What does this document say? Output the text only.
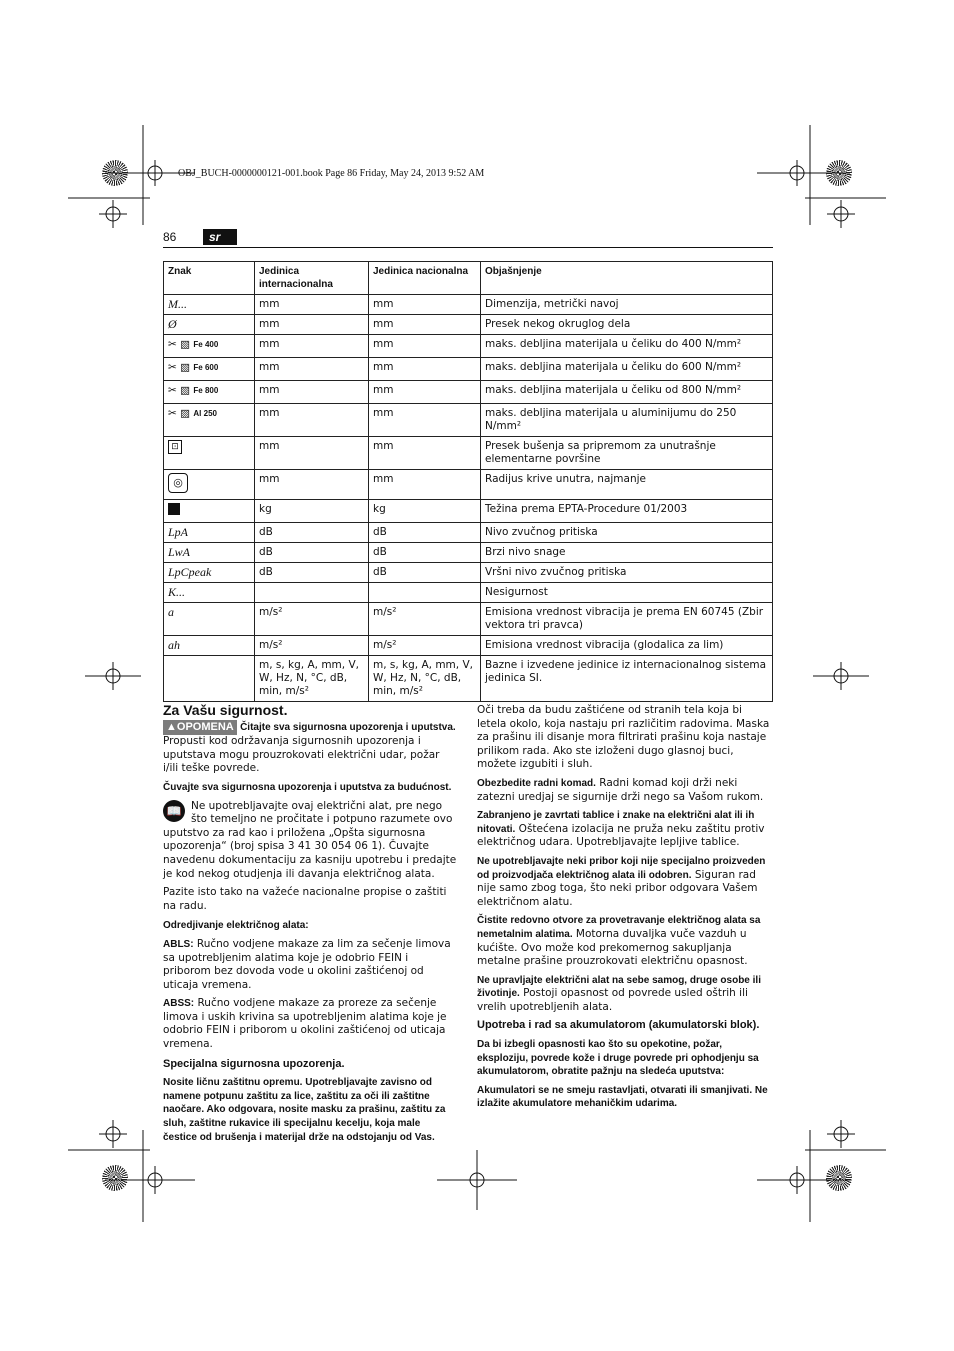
OBJ_BUCH-0000000121-001.book Page 86 Friday, May 24, 2013 9:52 AM
86	sr
Znak	Jedinica internacionalna	Jedinica nacionalna	Objašnjenje
M...	mm	mm	Dimenzija, metrički navoj
Ø	mm	mm	Presek nekog okruglog dela
✂ ▧ Fe 400	mm	mm	maks. debljina materijala u čeliku do 400 N/mm²
✂ ▧ Fe 600	mm	mm	maks. debljina materijala u čeliku do 600 N/mm²
✂ ▧ Fe 800	mm	mm	maks. debljina materijala u čeliku od 800 N/mm²
✂ ▨ Al 250	mm	mm	maks. debljina materijala u aluminijumu do 250 N/mm²
⊡	mm	mm	Presek bušenja sa pripremom za unutrašnje elementarne površine
◎	mm	mm	Radijus krive unutra, najmanje
	kg	kg	Težina prema EPTA-Procedure 01/2003
LpA	dB	dB	Nivo zvučnog pritiska
LwA	dB	dB	Brzi nivo snage
LpCpeak	dB	dB	Vršni nivo zvučnog pritiska
K...			Nesigurnost
a	m/s²	m/s²	Emisiona vrednost vibracija je prema EN 60745 (Zbir vektora tri pravca)
ah	m/s²	m/s²	Emisiona vrednost vibracija (glodalica za lim)
	m, s, kg, A, mm, V, W, Hz, N, °C, dB, min, m/s²	m, s, kg, A, mm, V, W, Hz, N, °C, dB, min, m/s²	Bazne i izvedene jedinice iz internacionalnog sistema jedinica SI.
Za Vašu sigurnost.

▲OPOMENA Čitajte sva sigurnosna upozorenja i uputstva. Propusti kod održavanja sigurnosnih upozorenja i uputstava mogu prouzrokovati električni udar, požar i/ili teške povrede.

Čuvajte sva sigurnosna upozorenja i uputstva za budućnost.

📖 Ne upotrebljavajte ovaj električni alat, pre nego što temeljno ne pročitate i potpuno razumete ovo uputstvo za rad kao i priložena „Opšta sigurnosna upozorenja“ (broj spisa 3 41 30 054 06 1). Čuvajte navedenu dokumentaciju za kasniju upotrebu i predajte je kod nekog otudjenja ili davanja električnog alata.

Pazite isto tako na važeće nacionalne propise o zaštiti na radu.

Odredjivanje električnog alata:

ABLS: Ručno vodjene makaze za lim za sečenje limova sa upotrebljenim alatima koje je odobrio FEIN i priborom bez dovoda vode u okolini zaštićenoj od uticaja vremena.

ABSS: Ručno vodjene makaze za proreze za sečenje limova i uskih krivina sa upotrebljenim alatima koje je odobrio FEIN i priborom u okolini zaštićenoj od uticaja vremena.

Specijalna sigurnosna upozorenja.

Nosite ličnu zaštitnu opremu. Upotrebljavajte zavisno od namene potpunu zaštitu za lice, zaštitu za oči ili zaštitne naočare. Ako odgovara, nosite masku za prašinu, zaštitu za sluh, zaštitne rukavice ili specijalnu kecelju, koja male čestice od brušenja i materijal drže na odstojanju od Vas.

Oči treba da budu zaštićene od stranih tela koja bi letela okolo, koja nastaju pri različitim radovima. Maska za prašinu ili disanje mora filtrirati prašinu koja nastaje prilikom rada. Ako ste izloženi dugo glasnoj buci, možete izgubiti i sluh.

Obezbedite radni komad. Radni komad koji drži neki zatezni uredjaj se sigurnije drži nego sa Vašom rukom.

Zabranjeno je zavrtati tablice i znake na električni alat ili ih nitovati. Oštećena izolacija ne pruža neku zaštitu protiv električnog udara. Upotrebljavajte lepljive tablice.

Ne upotrebljavajte neki pribor koji nije specijalno proizveden od proizvodjača električnog alata ili odobren. Siguran rad nije samo zbog toga, što neki pribor odgovara Vašem električnom alatu.

Čistite redovno otvore za provetravanje električnog alata sa nemetalnim alatima. Motorna duvaljka vuče vazduh u kućište. Ovo može kod prekomernog sakupljanja metalne prašine prouzrokovati električnu opasnost.

Ne upravljajte električni alat na sebe samog, druge osobe ili životinje. Postoji opasnost od povrede usled oštrih ili vrelih upotrebljenih alata.

Upotreba i rad sa akumulatorom (akumulatorski blok).

Da bi izbegli opasnosti kao što su opekotine, požar, eksploziju, povrede kože i druge povrede pri ophodjenju sa akumulatorom, obratite pažnju na sledeća uputstva:

Akumulatori se ne smeju rastavljati, otvarati ili smanjivati. Ne izlažite akumulatore mehaničkim udarima.
